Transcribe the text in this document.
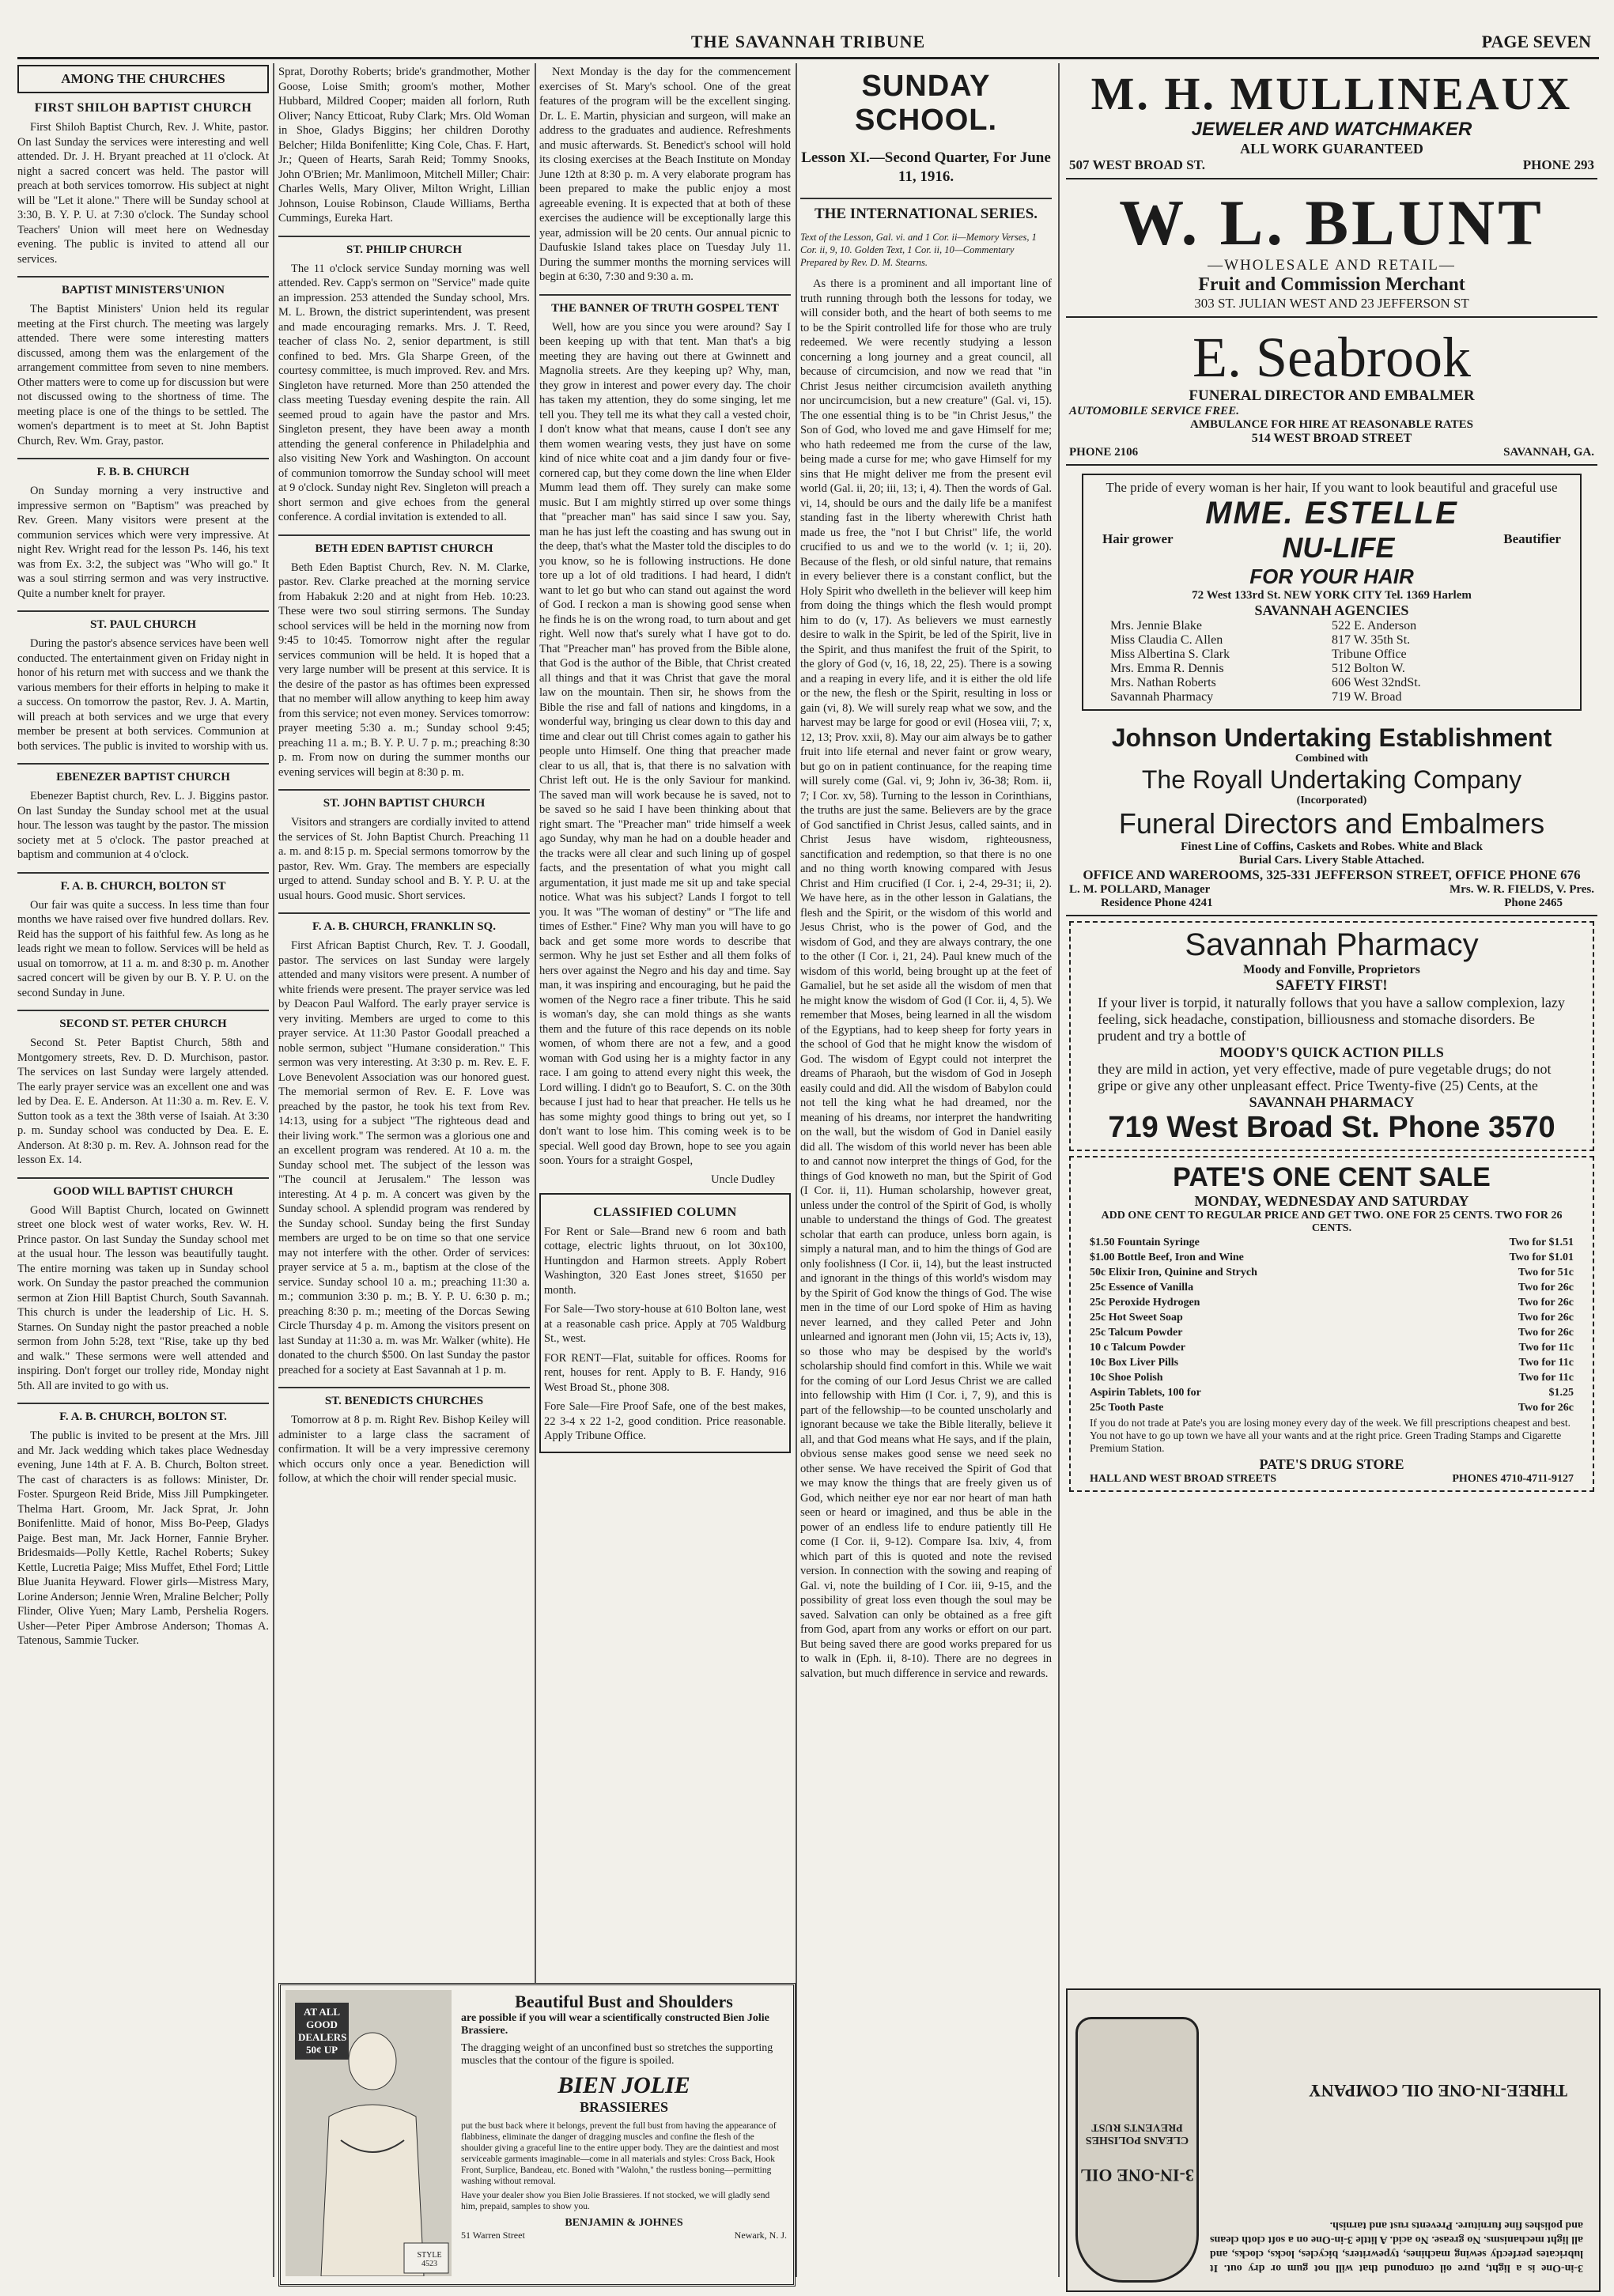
THE SAVANNAH TRIBUNE	PAGE SEVEN
AMONG THE CHURCHES
FIRST SHILOH BAPTIST CHURCH

First Shiloh Baptist Church, Rev. J. White, pastor. On last Sunday the services were interesting and well attended. Dr. J. H. Bryant preached at 11 o'clock. At night a sacred concert was held. The pastor will preach at both services tomorrow. His subject at night will be "Let it alone." There will be Sunday school at 3:30, B. Y. P. U. at 7:30 o'clock. The Sunday school Teachers' Union will meet here on Wednesday evening. The public is invited to attend all our services.

BAPTIST MINISTERS'UNION

The Baptist Ministers' Union held its regular meeting at the First church. The meeting was largely attended. There were some interesting matters discussed, among them was the enlargement of the arrangement committee from seven to nine members. Other matters were to come up for discussion but were not discussed owing to the shortness of time. The meeting place is one of the things to be settled. The women's department is to meet at St. John Baptist Church, Rev. Wm. Gray, pastor.

F. B. B. CHURCH

On Sunday morning a very instructive and impressive sermon on "Baptism" was preached by Rev. Green. Many visitors were present at the communion services which were very impressive. At night Rev. Wright read for the lesson Ps. 146, his text was from Ex. 3:2, the subject was "Who will go." It was a soul stirring sermon and was very instructive. Quite a number knelt for prayer.

ST. PAUL CHURCH

During the pastor's absence services have been well conducted. The entertainment given on Friday night in honor of his return met with success and we thank the various members for their efforts in helping to make it a success. On tomorrow the pastor, Rev. J. A. Martin, will preach at both services and we urge that every member be present at both services. Communion at both services. The public is invited to worship with us.

EBENEZER BAPTIST CHURCH

Ebenezer Baptist church, Rev. L. J. Biggins pastor. On last Sunday the Sunday school met at the usual hour. The lesson was taught by the pastor. The mission society met at 5 o'clock. The pastor preached at baptism and communion at 4 o'clock.

F. A. B. CHURCH, BOLTON ST

Our fair was quite a success. In less time than four months we have raised over five hundred dollars. Rev. Reid has the support of his faithful few. As long as he leads right we mean to follow. Services will be held as usual on tomorrow, at 11 a. m. and 8:30 p. m. Another sacred concert will be given by our B. Y. P. U. on the second Sunday in June.

SECOND ST. PETER CHURCH

Second St. Peter Baptist Church, 58th and Montgomery streets, Rev. D. D. Murchison, pastor. The services on last Sunday were largely attended. The early prayer service was an excellent one and was led by Dea. E. E. Anderson. At 11:30 a. m. Rev. E. V. Sutton took as a text the 38th verse of Isaiah. At 3:30 p. m. Sunday school was conducted by Dea. E. E. Anderson. At 8:30 p. m. Rev. A. Johnson read for the lesson Ex. 14.

GOOD WILL BAPTIST CHURCH

Good Will Baptist Church, located on Gwinnett street one block west of water works, Rev. W. H. Prince pastor. On last Sunday the Sunday school met at the usual hour. The lesson was beautifully taught. The entire morning was taken up in Sunday school work. On Sunday the pastor preached the communion sermon at Zion Hill Baptist Church, South Savannah. This church is under the leadership of Lic. H. S. Starnes. On Sunday night the pastor preached a noble sermon from John 5:28, text "Rise, take up thy bed and walk." These sermons were well attended and inspiring. Don't forget our trolley ride, Monday night 5th. All are invited to go with us.

F. A. B. CHURCH, BOLTON ST.

The public is invited to be present at the Mrs. Jill and Mr. Jack wedding which takes place Wednesday evening, June 14th at F. A. B. Church, Bolton street. The cast of characters is as follows: Minister, Dr. Foster. Spurgeon Reid Bride, Miss Jill Pumpkingeter. Thelma Hart. Groom, Mr. Jack Sprat, Jr. John Bonifenlitte. Maid of honor, Miss Bo-Peep, Gladys Paige. Best man, Mr. Jack Horner, Fannie Bryher. Bridesmaids—Polly Kettle, Rachel Roberts; Sukey Kettle, Lucretia Paige; Miss Muffet, Ethel Ford; Little Blue Juanita Heyward. Flower girls—Mistress Mary, Lorine Anderson; Jennie Wren, Mraline Belcher; Polly Flinder, Olive Yuen; Mary Lamb, Pershelia Rogers. Usher—Peter Piper Ambrose Anderson; Thomas A. Tatenous, Sammie Tucker.

Sprat, Dorothy Roberts; bride's grandmother, Mother Goose, Loise Smith; groom's mother, Mother Hubbard, Mildred Cooper; maiden all forlorn, Ruth Oliver; Nancy Etticoat, Ruby Clark; Mrs. Old Woman in Shoe, Gladys Biggins; her children Dorothy Belcher; Hilda Bonifenlitte; King Cole, Chas. F. Hart, Jr.; Queen of Hearts, Sarah Reid; Tommy Snooks, John O'Brien; Mr. Manlimoon, Mitchell Miller; Chair: Charles Wells, Mary Oliver, Milton Wright, Lillian Johnson, Louise Robinson, Claude Williams, Bertha Cummings, Eureka Hart.

ST. PHILIP CHURCH

The 11 o'clock service Sunday morning was well attended. Rev. Capp's sermon on "Service" made quite an impression. 253 attended the Sunday school, Mrs. M. L. Brown, the district superintendent, was present and made encouraging remarks. Mrs. J. T. Reed, teacher of class No. 2, senior department, is still confined to bed. Mrs. Gla Sharpe Green, of the courtesy committee, is much improved. Rev. and Mrs. Singleton have returned. More than 250 attended the class meeting Tuesday evening despite the rain. All seemed proud to again have the pastor and Mrs. Singleton present, they have been away a month attending the general conference in Philadelphia and also visiting New York and Washington. On account of communion tomorrow the Sunday school will meet at 9 o'clock. Sunday night Rev. Singleton will preach a short sermon and give echoes from the general conference. A cordial invitation is extended to all.

BETH EDEN BAPTIST CHURCH

Beth Eden Baptist Church, Rev. N. M. Clarke, pastor. Rev. Clarke preached at the morning service from Habakuk 2:20 and at night from Heb. 10:23. These were two soul stirring sermons. The Sunday school services will be held in the morning now from 9:45 to 10:45. Tomorrow night after the regular services communion will be held. It is hoped that a very large number will be present at this service. It is the desire of the pastor as has oftimes been expressed that no member will allow anything to keep him away from this service; not even money. Services tomorrow: prayer meeting 5:30 a. m.; Sunday school 9:45; preaching 11 a. m.; B. Y. P. U. 7 p. m.; preaching 8:30 p. m. From now on during the summer months our evening services will begin at 8:30 p. m.

ST. JOHN BAPTIST CHURCH

Visitors and strangers are cordially invited to attend the services of St. John Baptist Church. Preaching 11 a. m. and 8:15 p. m. Special sermons tomorrow by the pastor, Rev. Wm. Gray. The members are especially urged to attend. Sunday school and B. Y. P. U. at the usual hours. Good music. Short services.

F. A. B. CHURCH, FRANKLIN SQ.

First African Baptist Church, Rev. T. J. Goodall, pastor. The services on last Sunday were largely attended and many visitors were present. A number of white friends were present. The prayer service was led by Deacon Paul Walford. The early prayer service is very inviting. Members are urged to come to this prayer service. At 11:30 Pastor Goodall preached a noble sermon, subject "Humane consideration." This sermon was very interesting. At 3:30 p. m. Rev. E. F. Love Benevolent Association was our honored guest. The memorial sermon of Rev. E. F. Love was preached by the pastor, he took his text from Rev. 14:13, using for a subject "The righteous dead and their living work." The sermon was a glorious one and an excellent program was rendered. At 10 a. m. the Sunday school met. The subject of the lesson was "The council at Jerusalem." The lesson was interesting. At 4 p. m. A concert was given by the Sunday school. A splendid program was rendered by the Sunday school. Sunday being the first Sunday members are urged to be on time so that one service may not interfere with the other. Order of services: prayer service at 5 a. m., baptism at the close of the service. Sunday school 10 a. m.; preaching 11:30 a. m.; communion 3:30 p. m.; B. Y. P. U. 6:30 p. m.; preaching 8:30 p. m.; meeting of the Dorcas Sewing Circle Thursday 4 p. m. Among the visitors present on last Sunday at 11:30 a. m. was Mr. Walker (white). He donated to the church $500. On last Sunday the pastor preached for a society at East Savannah at 1 p. m.

ST. BENEDICTS CHURCHES

Tomorrow at 8 p. m. Right Rev. Bishop Keiley will administer to a large class the sacrament of confirmation. It will be a very impressive ceremony which occurs only once a year. Benediction will follow, at which the choir will render special music.

Next Monday is the day for the commencement exercises of St. Mary's school. One of the great features of the program will be the excellent singing. Dr. L. E. Martin, physician and surgeon, will make an address to the graduates and audience. Refreshments and music afterwards. St. Benedict's school will hold its closing exercises at the Beach Institute on Monday June 12th at 8:30 p. m. A very elaborate program has been prepared to make the public enjoy a most agreeable evening. It is expected that at both of these exercises the audience will be exceptionally large this year, admission will be 20 cents. Our annual picnic to Daufuskie Island takes place on Tuesday July 11. During the summer months the morning services will begin at 6:30, 7:30 and 9:30 a. m.

THE BANNER OF TRUTH GOSPEL TENT

Well, how are you since you were around? Say I been keeping up with that tent. Man that's a big meeting they are having out there at Gwinnett and Magnolia streets. Are they keeping up? Why, man, they grow in interest and power every day. The choir has taken my attention, they do some singing, let me tell you. They tell me its what they call a vested choir, I don't know what that means, cause I don't see any them women wearing vests, they just have on some kind of nice white coat and a jim dandy four or five-cornered cap, but they come down the line when Elder Mumm lead them off. They surely can make some music. But I am mightly stirred up over some things that "preacher man" has said since I saw you. Say, man he has just left the coasting and has swung out in the deep, that's what the Master told the disciples to do you know, so he is following instructions. He done tore up a lot of old traditions. I had heard, I didn't want to let go but who can stand out against the word of God. I reckon a man is showing good sense when he finds he is on the wrong road, to turn about and get right. Well now that's surely what I have got to do. That "Preacher man" has proved from the Bible alone, that God is the author of the Bible, that Christ created all things and that it was Christ that gave the moral law on the mountain. Then sir, he shows from the Bible the rise and fall of nations and kingdoms, in a wonderful way, bringing us clear down to this day and time and clear out till Christ comes again to gather his people unto Himself. One thing that preacher made clear to us all, that is, that there is no salvation with Christ left out. He is the only Saviour for mankind. The saved man will work because he is saved, not to be saved so he said I have been thinking about that right smart. The "Preacher man" tride himself a week ago Sunday, why man he had on a double header and the tracks were all clear and such lining up of gospel facts, and the presentation of what you might call argumentation, it just made me sit up and take special notice. What was his subject? Lands I forgot to tell you. It was "The woman of destiny" or "The life and times of Esther." Fine? Why man you will have to go back and get some more words to describe that sermon. Why he just set Esther and all them folks of hers over against the Negro and his day and time. Say man, it was inspiring and encouraging, but he paid the women of the Negro race a finer tribute. This he said is woman's day, she can mold things as she wants them and the future of this race depends on its noble women, of whom there are not a few, and a good woman with God using her is a mighty factor in any race. I am going to attend every night this week, the Lord willing. I didn't go to Beaufort, S. C. on the 30th because I just had to hear that preacher. He tells us he has some mighty good things to bring out yet, so I don't want to lose him. This coming week is to be special. Well good day Brown, hope to see you again soon. Yours for a straight Gospel,

Uncle Dudley
CLASSIFIED COLUMN

For Rent or Sale—Brand new 6 room and bath cottage, electric lights thruout, on lot 30x100, Huntingdon and Harmon streets. Apply Robert Washington, 320 East Jones street, $1650 per month.

For Sale—Two story-house at 610 Bolton lane, west at a reasonable cash price. Apply at 705 Waldburg St., west.

FOR RENT—Flat, suitable for offices. Rooms for rent, houses for rent. Apply to B. F. Handy, 916 West Broad St., phone 308.

Fore Sale—Fire Proof Safe, one of the best makes, 22 3-4 x 22 1-2, good condition. Price reasonable. Apply Tribune Office.

SUNDAY SCHOOL.
Lesson XI.—Second Quarter, For June 11, 1916.
THE INTERNATIONAL SERIES.
Text of the Lesson, Gal. vi. and 1 Cor. ii—Memory Verses, 1 Cor. ii, 9, 10. Golden Text, 1 Cor. ii, 10—Commentary Prepared by Rev. D. M. Stearns.

As there is a prominent and all important line of truth running through both the lessons for today, we will consider both, and the heart of both seems to me to be the Spirit controlled life for those who are truly redeemed. We were recently studying a lesson concerning a long journey and a great council, all because of circumcision, and now we read that "in Christ Jesus neither circumcision availeth anything nor uncircumcision, but a new creature" (Gal. vi, 15). The one essential thing is to be "in Christ Jesus," the Son of God, who loved me and gave Himself for me; who hath redeemed me from the curse of the law, being made a curse for me; who gave Himself for my sins that He might deliver me from the present evil world (Gal. ii, 20; iii, 13; i, 4). Then the words of Gal. vi, 14, should be ours and the daily life be a manifest standing fast in the liberty wherewith Christ hath made us free, the "not I but Christ" life, the world crucified to us and we to the world (v. 1; ii, 20). Because of the flesh, or old sinful nature, that remains in every believer there is a constant conflict, but the Holy Spirit who dwelleth in the believer will keep him from doing the things which the flesh would prompt him to do (v, 17). As believers we must earnestly desire to walk in the Spirit, be led of the Spirit, live in the Spirit, and thus manifest the fruit of the Spirit, to the glory of God (v, 16, 18, 22, 25). There is a sowing and a reaping in every life, and it is either the old life or the new, the flesh or the Spirit, resulting in loss or gain (vi, 8). We will surely reap what we sow, and the harvest may be large for good or evil (Hosea viii, 7; x, 12, 13; Prov. xxii, 8). May our aim always be to gather fruit into life eternal and never faint or grow weary, but go on in patient continuance, for the reaping time will surely come (Gal. vi, 9; John iv, 36-38; Rom. ii, 7; I Cor. xv, 58). Turning to the lesson in Corinthians, the truths are just the same. Believers are by the grace of God sanctified in Christ Jesus, called saints, and in Christ Jesus have wisdom, righteousness, sanctification and redemption, so that there is no one and no thing worth knowing compared with Jesus Christ and Him crucified (I Cor. i, 2-4, 29-31; ii, 2). We have here, as in the other lesson in Galatians, the flesh and the Spirit, or the wisdom of this world and Jesus Christ, who is the power of God, and the wisdom of God, and they are always contrary, the one to the other (I Cor. i, 21, 24). Paul knew much of the wisdom of this world, being brought up at the feet of Gamaliel, but he set aside all the wisdom of men that he might know the wisdom of God (I Cor. ii, 4, 5). We remember that Moses, being learned in all the wisdom of the Egyptians, had to keep sheep for forty years in the school of God that he might know the wisdom of God. The wisdom of Egypt could not interpret the dreams of Pharaoh, but the wisdom of God in Joseph easily could and did. All the wisdom of Babylon could not tell the king what he had dreamed, nor the meaning of his dreams, nor interpret the handwriting on the wall, but the wisdom of God in Daniel easily did all. The wisdom of this world never has been able to and cannot now interpret the things of God, for the things of God knoweth no man, but the Spirit of God (I Cor. ii, 11). Human scholarship, however great, unless under the control of the Spirit of God, is wholly unable to understand the things of God. The greatest scholar that earth can produce, unless born again, is simply a natural man, and to him the things of God are only foolishness (I Cor. ii, 14), but the least instructed and ignorant in the things of this world's wisdom may by the Spirit of God know the things of God. The wise men in the time of our Lord spoke of Him as having never learned, and they called Peter and John unlearned and ignorant men (John vii, 15; Acts iv, 13), so those who may be despised by the world's scholarship should find comfort in this. While we wait for the coming of our Lord Jesus Christ we are called into fellowship with Him (I Cor. i, 7, 9), and this is part of the fellowship—to be counted unscholarly and ignorant because we take the Bible literally, believe it all, and that God means what He says, and if the plain, obvious sense makes good sense we need seek no other sense. We have received the Spirit of God that we may know the things that are freely given us of God, which neither eye nor ear nor heart of man hath seen or heard or imagined, and thus be able in the power of an endless life to endure patiently till He come (I Cor. ii, 9-12). Compare Isa. lxiv, 4, from which part of this is quoted and note the revised version. In connection with the sowing and reaping of Gal. vi, note the building of I Cor. iii, 9-15, and the possibility of great loss even though the soul may be saved. Salvation can only be obtained as a free gift from God, apart from any works or effort on our part. But being saved there are good works prepared for us to walk in (Eph. ii, 8-10). There are no degrees in salvation, but much difference in service and rewards.

M. H. MULLINEAUX
JEWELER AND WATCHMAKER
ALL WORK GUARANTEED
507 WEST BROAD ST.	PHONE 293
W. L. BLUNT
—WHOLESALE AND RETAIL—
Fruit and Commission Merchant
303 ST. JULIAN WEST AND 23 JEFFERSON ST
E. Seabrook
FUNERAL DIRECTOR AND EMBALMER
AUTOMOBILE SERVICE FREE.
AMBULANCE FOR HIRE AT REASONABLE RATES
514 WEST BROAD STREET
PHONE 2106	SAVANNAH, GA.
The pride of every woman is her hair, If you want to look beautiful and graceful use
MME. ESTELLE
Hair grower	NU-LIFE	Beautifier
FOR YOUR HAIR
72 West 133rd St. NEW YORK CITY Tel. 1369 Harlem
SAVANNAH AGENCIES
Mrs. Jennie Blake	522 E. Anderson
Miss Claudia C. Allen	817 W. 35th St.
Miss Albertina S. Clark	Tribune Office
Mrs. Emma R. Dennis	512 Bolton W.
Mrs. Nathan Roberts	606 West 32ndSt.
Savannah Pharmacy	719 W. Broad
Johnson Undertaking Establishment
Combined with
The Royall Undertaking Company
(Incorporated)
Funeral Directors and Embalmers
Finest Line of Coffins, Caskets and Robes. White and Black
Burial Cars. Livery Stable Attached.
OFFICE AND WAREROOMS, 325-331 JEFFERSON STREET, OFFICE PHONE 676
L. M. POLLARD, Manager	Mrs. W. R. FIELDS, V. Pres.
Residence Phone 4241	Phone 2465
Savannah Pharmacy
Moody and Fonville, Proprietors
SAFETY FIRST!
If your liver is torpid, it naturally follows that you have a sallow complexion, lazy feeling, sick headache, constipation, billiousness and stomache disorders. Be prudent and try a bottle of
MOODY'S QUICK ACTION PILLS
they are mild in action, yet very effective, made of pure vegetable drugs; do not gripe or give any other unpleasant effect. Price Twenty-five (25) Cents, at the
SAVANNAH PHARMACY
719 West Broad St. Phone 3570
PATE'S ONE CENT SALE
MONDAY, WEDNESDAY AND SATURDAY
ADD ONE CENT TO REGULAR PRICE AND GET TWO. ONE FOR 25 CENTS. TWO FOR 26 CENTS.
$1.50 Fountain Syringe	Two for $1.51
$1.00 Bottle Beef, Iron and Wine	Two for $1.01
50c Elixir Iron, Quinine and Strych	Two for 51c
25c Essence of Vanilla	Two for 26c
25c Peroxide Hydrogen	Two for 26c
25c Hot Sweet Soap	Two for 26c
25c Talcum Powder	Two for 26c
10 c Talcum Powder	Two for 11c
10c Box Liver Pills	Two for 11c
10c Shoe Polish	Two for 11c
Aspirin Tablets, 100 for	$1.25
25c Tooth Paste	Two for 26c
If you do not trade at Pate's you are losing money every day of the week. We fill prescriptions cheapest and best. You not have to go up town we have all your wants and at the right price. Green Trading Stamps and Cigarette Premium Station.
PATE'S DRUG STORE
HALL AND WEST BROAD STREETS	PHONES 4710-4711-9127
AT ALL GOOD DEALERS 50¢ UP
STYLE 4523
Beautiful Bust and Shoulders
are possible if you will wear a scientifically constructed Bien Jolie Brassiere.
The dragging weight of an unconfined bust so stretches the supporting muscles that the contour of the figure is spoiled.
BIEN JOLIE
BRASSIERES
put the bust back where it belongs, prevent the full bust from having the appearance of flabbiness, eliminate the danger of dragging muscles and confine the flesh of the shoulder giving a graceful line to the entire upper body. They are the daintiest and most serviceable garments imaginable—come in all materials and styles: Cross Back, Hook Front, Surplice, Bandeau, etc. Boned with "Walohn," the rustless boning—permitting washing without removal.
Have your dealer show you Bien Jolie Brassieres. If not stocked, we will gladly send him, prepaid, samples to show you.
BENJAMIN & JOHNES
51 Warren Street	Newark, N. J.
3-in-One is a light, pure oil compound that will not gum or dry out. It lubricates perfectly sewing machines, typewriters, bicycles, locks, clocks, and all light mechanisms. No grease. No acid. A little 3-in-One on a soft cloth cleans and polishes fine furniture. Prevents rust and tarnish.
THREE-IN-ONE OIL COMPANY
3-IN-ONE OIL
CLEANS POLISHES PREVENTS RUST
